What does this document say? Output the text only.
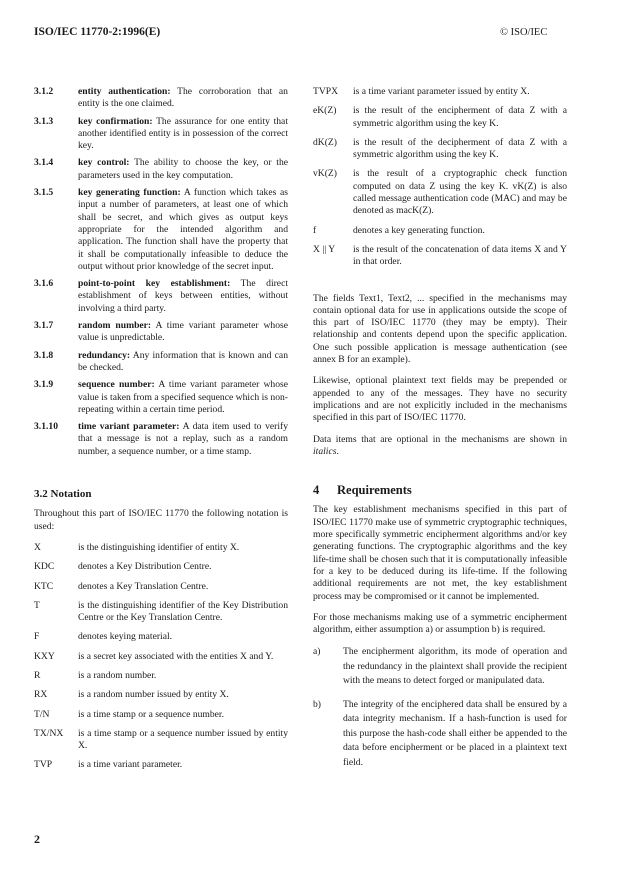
ISO/IEC 11770-2:1996(E)	© ISO/IEC
3.1.2	entity authentication: The corroboration that an entity is the one claimed.
3.1.3	key confirmation: The assurance for one entity that another identified entity is in possession of the correct key.
3.1.4	key control: The ability to choose the key, or the parameters used in the key computation.
3.1.5	key generating function: A function which takes as input a number of parameters, at least one of which shall be secret, and which gives as output keys appropriate for the intended algorithm and application. The function shall have the property that it shall be computationally infeasible to deduce the output without prior knowledge of the secret input.
3.1.6	point-to-point key establishment: The direct establishment of keys between entities, without involving a third party.
3.1.7	random number: A time variant parameter whose value is unpredictable.
3.1.8	redundancy: Any information that is known and can be checked.
3.1.9	sequence number: A time variant parameter whose value is taken from a specified sequence which is non-repeating within a certain time period.
3.1.10	time variant parameter: A data item used to verify that a message is not a replay, such as a random number, a sequence number, or a time stamp.
3.2 Notation
Throughout this part of ISO/IEC 11770 the following notation is used:
X	is the distinguishing identifier of entity X.
KDC	denotes a Key Distribution Centre.
KTC	denotes a Key Translation Centre.
T	is the distinguishing identifier of the Key Distribution Centre or the Key Translation Centre.
F	denotes keying material.
KXY	is a secret key associated with the entities X and Y.
R	is a random number.
RX	is a random number issued by entity X.
T/N	is a time stamp or a sequence number.
TX/NX	is a time stamp or a sequence number issued by entity X.
TVP	is a time variant parameter.
TVPX	is a time variant parameter issued by entity X.
eK(Z)	is the result of the encipherment of data Z with a symmetric algorithm using the key K.
dK(Z)	is the result of the decipherment of data Z with a symmetric algorithm using the key K.
vK(Z)	is the result of a cryptographic check function computed on data Z using the key K. vK(Z) is also called message authentication code (MAC) and may be denoted as macK(Z).
f	denotes a key generating function.
X || Y	is the result of the concatenation of data items X and Y in that order.
The fields Text1, Text2, ... specified in the mechanisms may contain optional data for use in applications outside the scope of this part of ISO/IEC 11770 (they may be empty). Their relationship and contents depend upon the specific application. One such possible application is message authentication (see annex B for an example).
Likewise, optional plaintext text fields may be prepended or appended to any of the messages. They have no security implications and are not explicitly included in the mechanisms specified in this part of ISO/IEC 11770.
Data items that are optional in the mechanisms are shown in italics.
4 Requirements
The key establishment mechanisms specified in this part of ISO/IEC 11770 make use of symmetric cryptographic techniques, more specifically symmetric encipherment algorithms and/or key generating functions. The cryptographic algorithms and the key life-time shall be chosen such that it is computationally infeasible for a key to be deduced during its life-time. If the following additional requirements are not met, the key establishment process may be compromised or it cannot be implemented.
For those mechanisms making use of a symmetric encipherment algorithm, either assumption a) or assumption b) is required.
a)	The encipherment algorithm, its mode of operation and the redundancy in the plaintext shall provide the recipient with the means to detect forged or manipulated data.
b)	The integrity of the enciphered data shall be ensured by a data integrity mechanism. If a hash-function is used for this purpose the hash-code shall either be appended to the data before encipherment or be placed in a plaintext text field.
2
